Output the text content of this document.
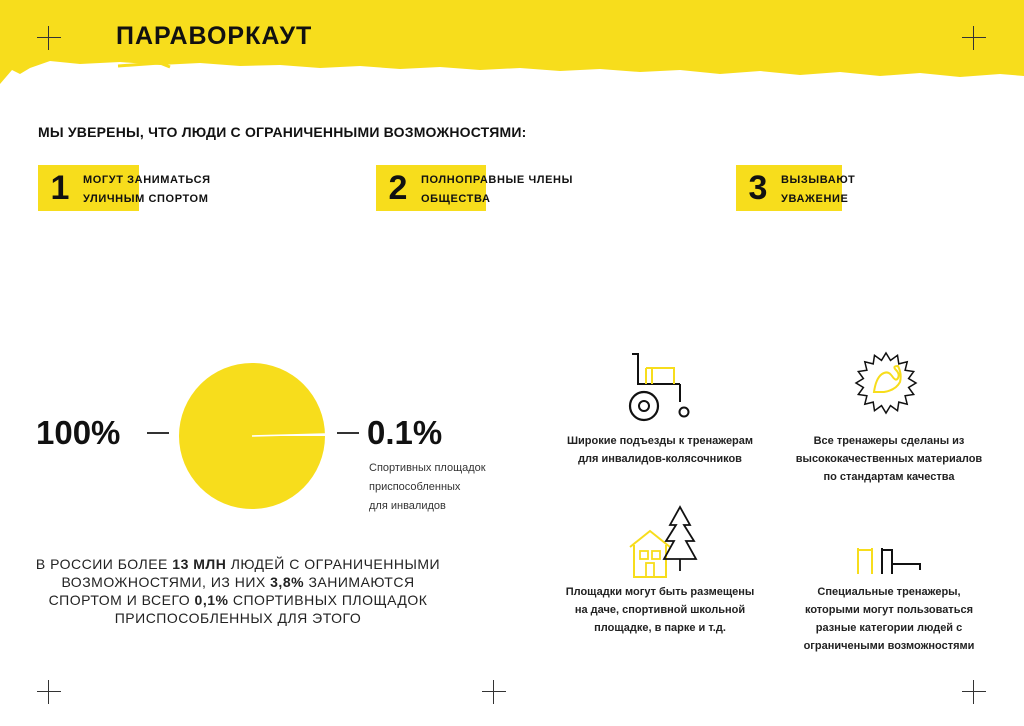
ПАРАВОРКАУТ
МЫ УВЕРЕНЫ, ЧТО ЛЮДИ С ОГРАНИЧЕННЫМИ ВОЗМОЖНОСТЯМИ:
1	МОГУТ ЗАНИМАТЬСЯ
УЛИЧНЫМ СПОРТОМ	2	ПОЛНОПРАВНЫЕ ЧЛЕНЫ
ОБЩЕСТВА	3	ВЫЗЫВАЮТ
УВАЖЕНИЕ
100%	0.1%
Спортивных площадок
приспособленных
для инвалидов
В РОССИИ БОЛЕЕ 13 МЛН ЛЮДЕЙ С ОГРАНИЧЕННЫМИ ВОЗМОЖНОСТЯМИ, ИЗ НИХ 3,8% ЗАНИМАЮТСЯ СПОРТОМ И ВСЕГО 0,1% СПОРТИВНЫХ ПЛОЩАДОК ПРИСПОСОБЛЕННЫХ ДЛЯ ЭТОГО
Широкие подъезды к тренажерам
для инвалидов-колясочников
Все тренажеры сделаны из
высококачественных материалов
по стандартам качества
Площадки могут быть размещены
на даче, спортивной школьной
площадке, в парке и т.д.
Специальные тренажеры,
которыми могут пользоваться
разные категории людей с
ограничеными возможностями
